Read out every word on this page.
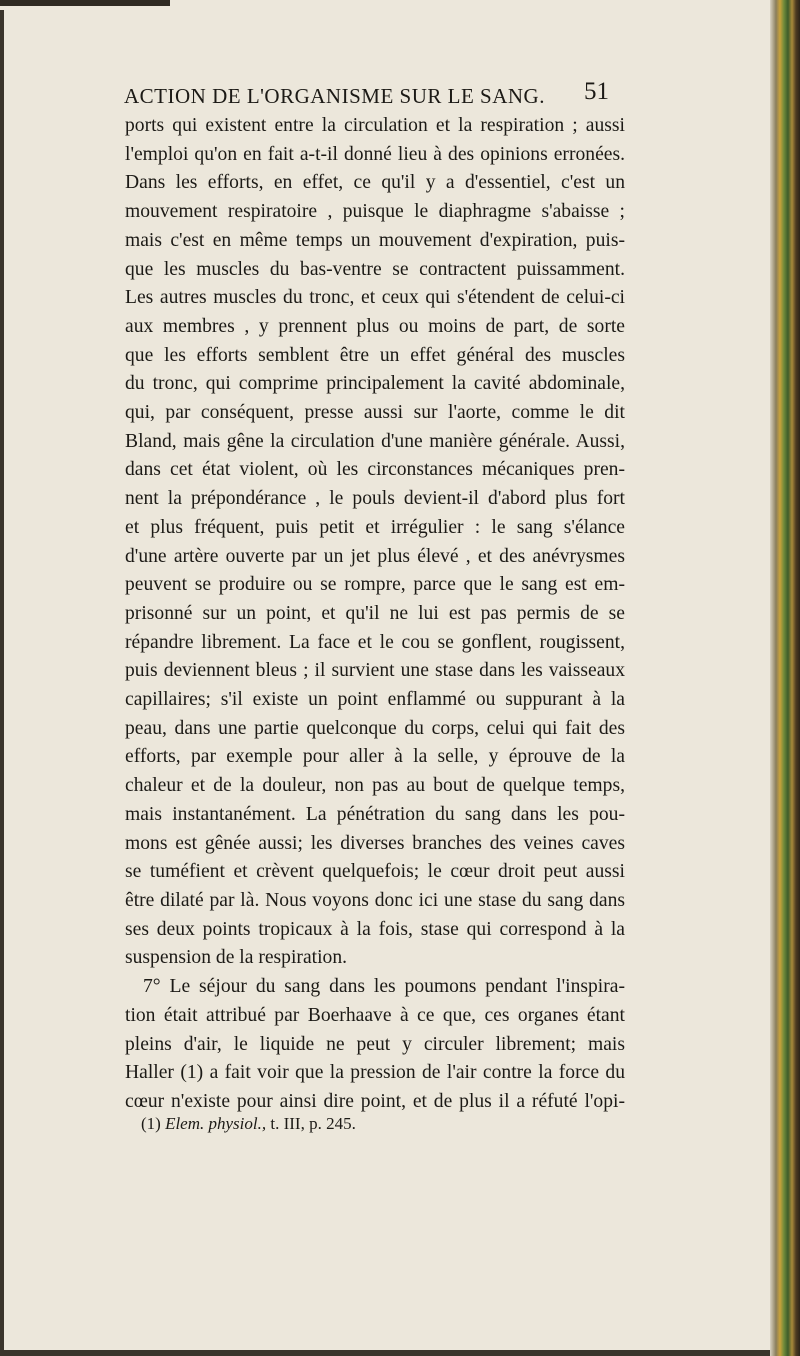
ACTION DE L'ORGANISME SUR LE SANG.	51
ports qui existent entre la circulation et la respiration ; aussi
l'emploi qu'on en fait a-t-il donné lieu à des opinions erronées.
Dans les efforts, en effet, ce qu'il y a d'essentiel, c'est un
mouvement respiratoire , puisque le diaphragme s'abaisse ;
mais c'est en même temps un mouvement d'expiration, puis-
que les muscles du bas-ventre se contractent puissamment.
Les autres muscles du tronc, et ceux qui s'étendent de celui-ci
aux membres , y prennent plus ou moins de part, de sorte
que les efforts semblent être un effet général des muscles
du tronc, qui comprime principalement la cavité abdominale,
qui, par conséquent, presse aussi sur l'aorte, comme le dit
Bland, mais gêne la circulation d'une manière générale. Aussi,
dans cet état violent, où les circonstances mécaniques pren-
nent la prépondérance , le pouls devient-il d'abord plus fort
et plus fréquent, puis petit et irrégulier : le sang s'élance
d'une artère ouverte par un jet plus élevé , et des anévrysmes
peuvent se produire ou se rompre, parce que le sang est em-
prisonné sur un point, et qu'il ne lui est pas permis de se
répandre librement. La face et le cou se gonflent, rougissent,
puis deviennent bleus ; il survient une stase dans les vaisseaux
capillaires; s'il existe un point enflammé ou suppurant à la
peau, dans une partie quelconque du corps, celui qui fait des
efforts, par exemple pour aller à la selle, y éprouve de la
chaleur et de la douleur, non pas au bout de quelque temps,
mais instantanément. La pénétration du sang dans les pou-
mons est gênée aussi; les diverses branches des veines caves
se tuméfient et crèvent quelquefois; le cœur droit peut aussi
être dilaté par là. Nous voyons donc ici une stase du sang dans
ses deux points tropicaux à la fois, stase qui correspond à la
suspension de la respiration.
7° Le séjour du sang dans les poumons pendant l'inspira-
tion était attribué par Boerhaave à ce que, ces organes étant
pleins d'air, le liquide ne peut y circuler librement; mais
Haller (1) a fait voir que la pression de l'air contre la force du
cœur n'existe pour ainsi dire point, et de plus il a réfuté l'opi-
(1) Elem. physiol., t. III, p. 245.
